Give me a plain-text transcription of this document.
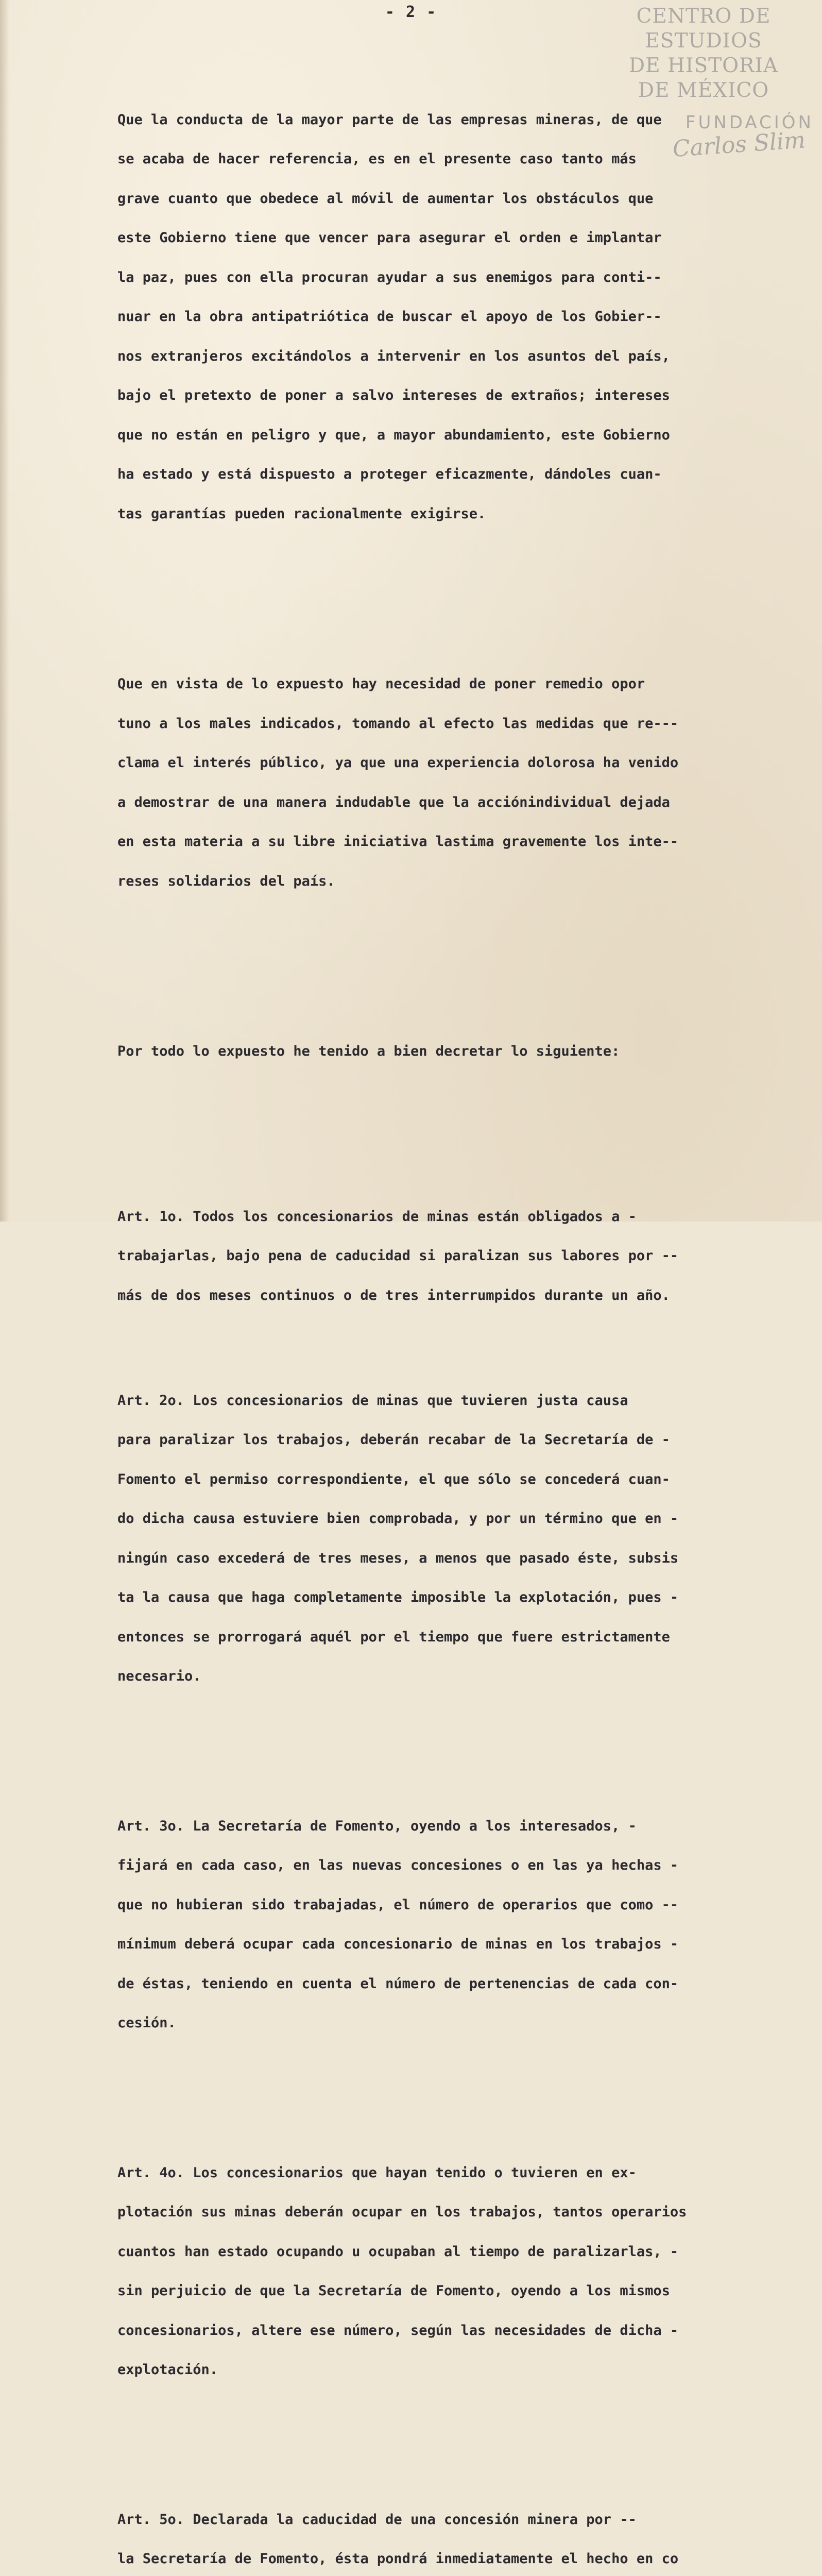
- 2 -	CENTRO DE
ESTUDIOS
DE HISTORIA
DE MÉXICO
FUNDACIÓN
Carlos Slim

Que la conducta de la mayor parte de las empresas mineras, de que

se acaba de hacer referencia, es en el presente caso tanto más

grave cuanto que obedece al móvil de aumentar los obstáculos que

este Gobierno tiene que vencer para asegurar el orden e implantar

la paz, pues con ella procuran ayudar a sus enemigos para conti--

nuar en la obra antipatriótica de buscar el apoyo de los Gobier--

nos extranjeros excitándolos a intervenir en los asuntos del país,

bajo el pretexto de poner a salvo intereses de extraños; intereses

que no están en peligro y que, a mayor abundamiento, este Gobierno

ha estado y está dispuesto a proteger eficazmente, dándoles cuan-

tas garantías pueden racionalmente exigirse.

Que en vista de lo expuesto hay necesidad de poner remedio opor

tuno a los males indicados, tomando al efecto las medidas que re---

clama el interés público, ya que una experiencia dolorosa ha venido

a demostrar de una manera indudable que la acciónindividual dejada

en esta materia a su libre iniciativa lastima gravemente los inte--

reses solidarios del país.

Por todo lo expuesto he tenido a bien decretar lo siguiente:

Art. 1o. Todos los concesionarios de minas están obligados a -

trabajarlas, bajo pena de caducidad si paralizan sus labores por --

más de dos meses continuos o de tres interrumpidos durante un año.

Art. 2o. Los concesionarios de minas que tuvieren justa causa

para paralizar los trabajos, deberán recabar de la Secretaría de -

Fomento el permiso correspondiente, el que sólo se concederá cuan-

do dicha causa estuviere bien comprobada, y por un término que en -

ningún caso excederá de tres meses, a menos que pasado éste, subsis

ta la causa que haga completamente imposible la explotación, pues -

entonces se prorrogará aquél por el tiempo que fuere estrictamente

necesario.

Art. 3o. La Secretaría de Fomento, oyendo a los interesados, -

fijará en cada caso, en las nuevas concesiones o en las ya hechas -

que no hubieran sido trabajadas, el número de operarios que como --

mínimum deberá ocupar cada concesionario de minas en los trabajos -

de éstas, teniendo en cuenta el número de pertenencias de cada con-

cesión.

Art. 4o. Los concesionarios que hayan tenido o tuvieren en ex-

plotación sus minas deberán ocupar en los trabajos, tantos operarios

cuantos han estado ocupando u ocupaban al tiempo de paralizarlas, -

sin perjuicio de que la Secretaría de Fomento, oyendo a los mismos

concesionarios, altere ese número, según las necesidades de dicha -

explotación.

Art. 5o. Declarada la caducidad de una concesión minera por --

la Secretaría de Fomento, ésta pondrá inmediatamente el hecho en co
